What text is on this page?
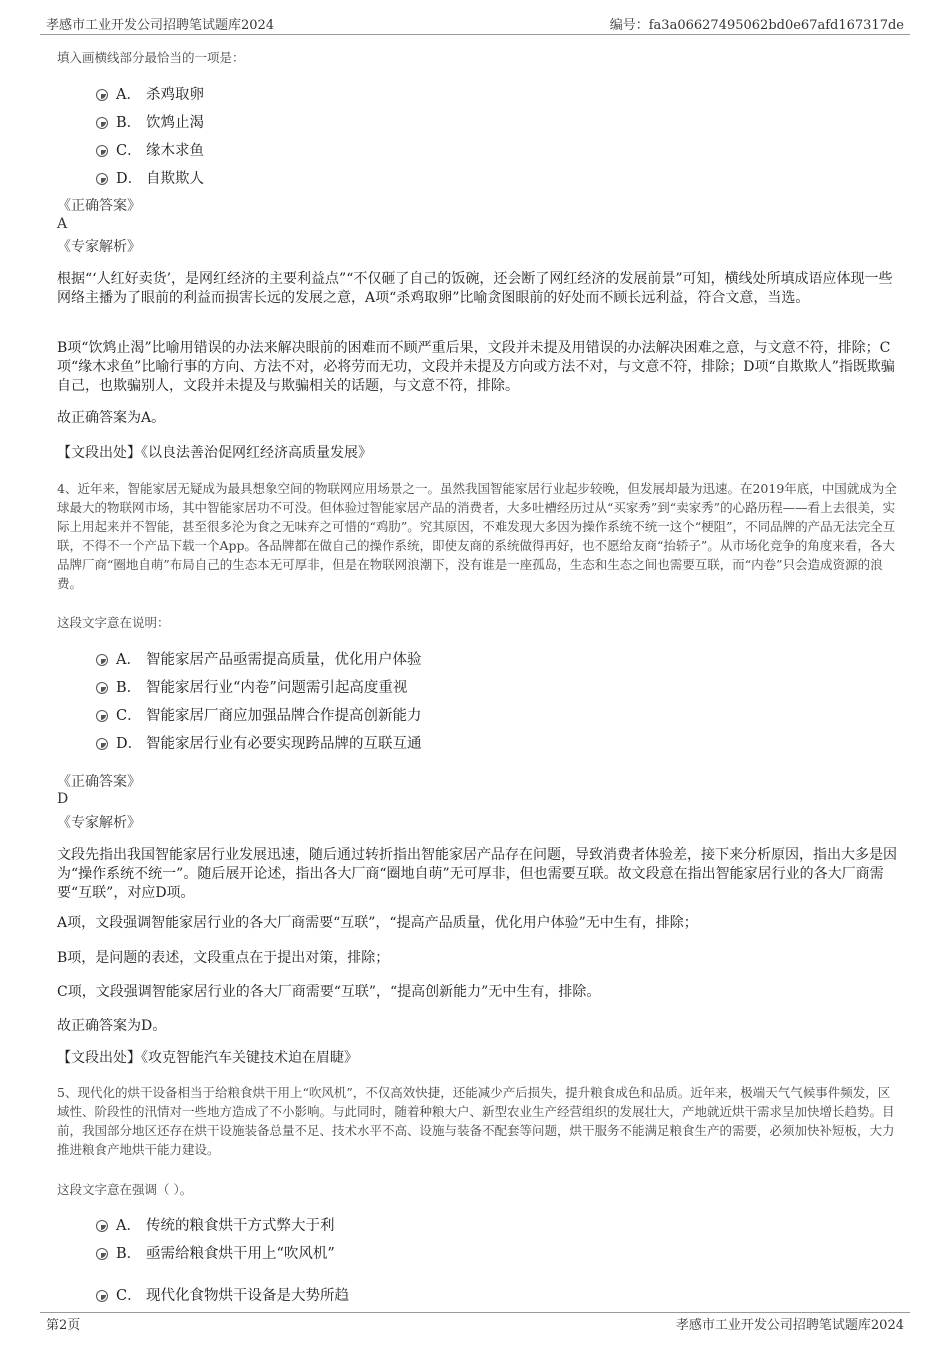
孝感市工业开发公司招聘笔试题库2024	编号：fa3a06627495062bd0e67afd167317de

填入画横线部分最恰当的一项是：

A． 杀鸡取卵
B． 饮鸩止渴
C． 缘木求鱼
D． 自欺欺人

《正确答案》

A

《专家解析》

根据“‘人红好卖货’，是网红经济的主要利益点”“不仅砸了自己的饭碗，还会断了网红经济的发展前景”可知，横线处所填成语应体现一些网络主播为了眼前的利益而损害长远的发展之意，A项“杀鸡取卵”比喻贪图眼前的好处而不顾长远利益，符合文意，当选。

B项“饮鸩止渴”比喻用错误的办法来解决眼前的困难而不顾严重后果，文段并未提及用错误的办法解决困难之意，与文意不符，排除；C项“缘木求鱼”比喻行事的方向、方法不对，必将劳而无功，文段并未提及方向或方法不对，与文意不符，排除；D项“自欺欺人”指既欺骗自己，也欺骗别人，文段并未提及与欺骗相关的话题，与文意不符，排除。

故正确答案为A。

【文段出处】《以良法善治促网红经济高质量发展》

4、近年来，智能家居无疑成为最具想象空间的物联网应用场景之一。虽然我国智能家居行业起步较晚，但发展却最为迅速。在2019年底，中国就成为全球最大的物联网市场，其中智能家居功不可没。但体验过智能家居产品的消费者，大多吐槽经历过从“买家秀”到“卖家秀”的心路历程——看上去很美，实际上用起来并不智能，甚至很多沦为食之无味弃之可惜的“鸡肋”。究其原因，不难发现大多因为操作系统不统一这个“梗阻”，不同品牌的产品无法完全互联，不得不一个产品下载一个App。各品牌都在做自己的操作系统，即使友商的系统做得再好，也不愿给友商“抬轿子”。从市场化竞争的角度来看，各大品牌厂商“圈地自萌”布局自己的生态本无可厚非，但是在物联网浪潮下，没有谁是一座孤岛，生态和生态之间也需要互联，而“内卷”只会造成资源的浪费。

这段文字意在说明：

A． 智能家居产品亟需提高质量，优化用户体验
B． 智能家居行业“内卷”问题需引起高度重视
C． 智能家居厂商应加强品牌合作提高创新能力
D． 智能家居行业有必要实现跨品牌的互联互通

《正确答案》

D

《专家解析》

文段先指出我国智能家居行业发展迅速，随后通过转折指出智能家居产品存在问题，导致消费者体验差，接下来分析原因，指出大多是因为“操作系统不统一”。随后展开论述，指出各大厂商“圈地自萌”无可厚非，但也需要互联。故文段意在指出智能家居行业的各大厂商需要“互联”，对应D项。

A项，文段强调智能家居行业的各大厂商需要“互联”，“提高产品质量，优化用户体验”无中生有，排除；

B项，是问题的表述，文段重点在于提出对策，排除；

C项，文段强调智能家居行业的各大厂商需要“互联”，“提高创新能力”无中生有，排除。

故正确答案为D。

【文段出处】《攻克智能汽车关键技术迫在眉睫》

5、现代化的烘干设备相当于给粮食烘干用上“吹风机”，不仅高效快捷，还能减少产后损失，提升粮食成色和品质。近年来，极端天气气候事件频发，区域性、阶段性的汛情对一些地方造成了不小影响。与此同时，随着种粮大户、新型农业生产经营组织的发展壮大，产地就近烘干需求呈加快增长趋势。目前，我国部分地区还存在烘干设施装备总量不足、技术水平不高、设施与装备不配套等问题，烘干服务不能满足粮食生产的需要，必须加快补短板，大力推进粮食产地烘干能力建设。

这段文字意在强调（ ）。

A． 传统的粮食烘干方式弊大于利
B． 亟需给粮食烘干用上“吹风机”
C． 现代化食物烘干设备是大势所趋
第2页	孝感市工业开发公司招聘笔试题库2024
